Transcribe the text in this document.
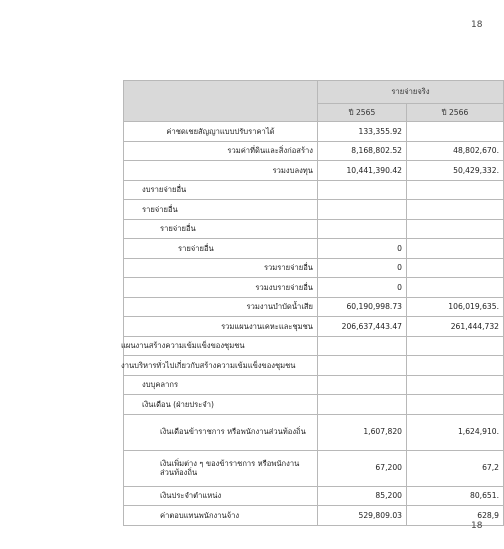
18
	รายจ่ายจริง	
	ปี 2565	ปี 2566
ค่าชดเชยสัญญาแบบปรับราคาได้	133,355.92	
รวมค่าที่ดินและสิ่งก่อสร้าง	8,168,802.52	48,802,670.
รวมงบลงทุน	10,441,390.42	50,429,332.
งบรายจ่ายอื่น		
รายจ่ายอื่น		
รายจ่ายอื่น		
รายจ่ายอื่น	0	
รวมรายจ่ายอื่น	0	
รวมงบรายจ่ายอื่น	0	
รวมงานบำบัดน้ำเสีย	60,190,998.73	106,019,635.
รวมแผนงานเคหะและชุมชน	206,637,443.47	261,444,732
แผนงานสร้างความเข้มแข็งของชุมชน		
งานบริหารทั่วไปเกี่ยวกับสร้างความเข้มแข็งของชุมชน		
งบบุคลากร		
เงินเดือน (ฝ่ายประจำ)		
เงินเดือนข้าราชการ หรือพนักงานส่วนท้องถิ่น	1,607,820	1,624,910.
เงินเพิ่มต่าง ๆ ของข้าราชการ หรือพนักงานส่วนท้องถิ่น	67,200	67,2
เงินประจำตำแหน่ง	85,200	80,651.
ค่าตอบแทนพนักงานจ้าง	529,809.03	628,9
18
